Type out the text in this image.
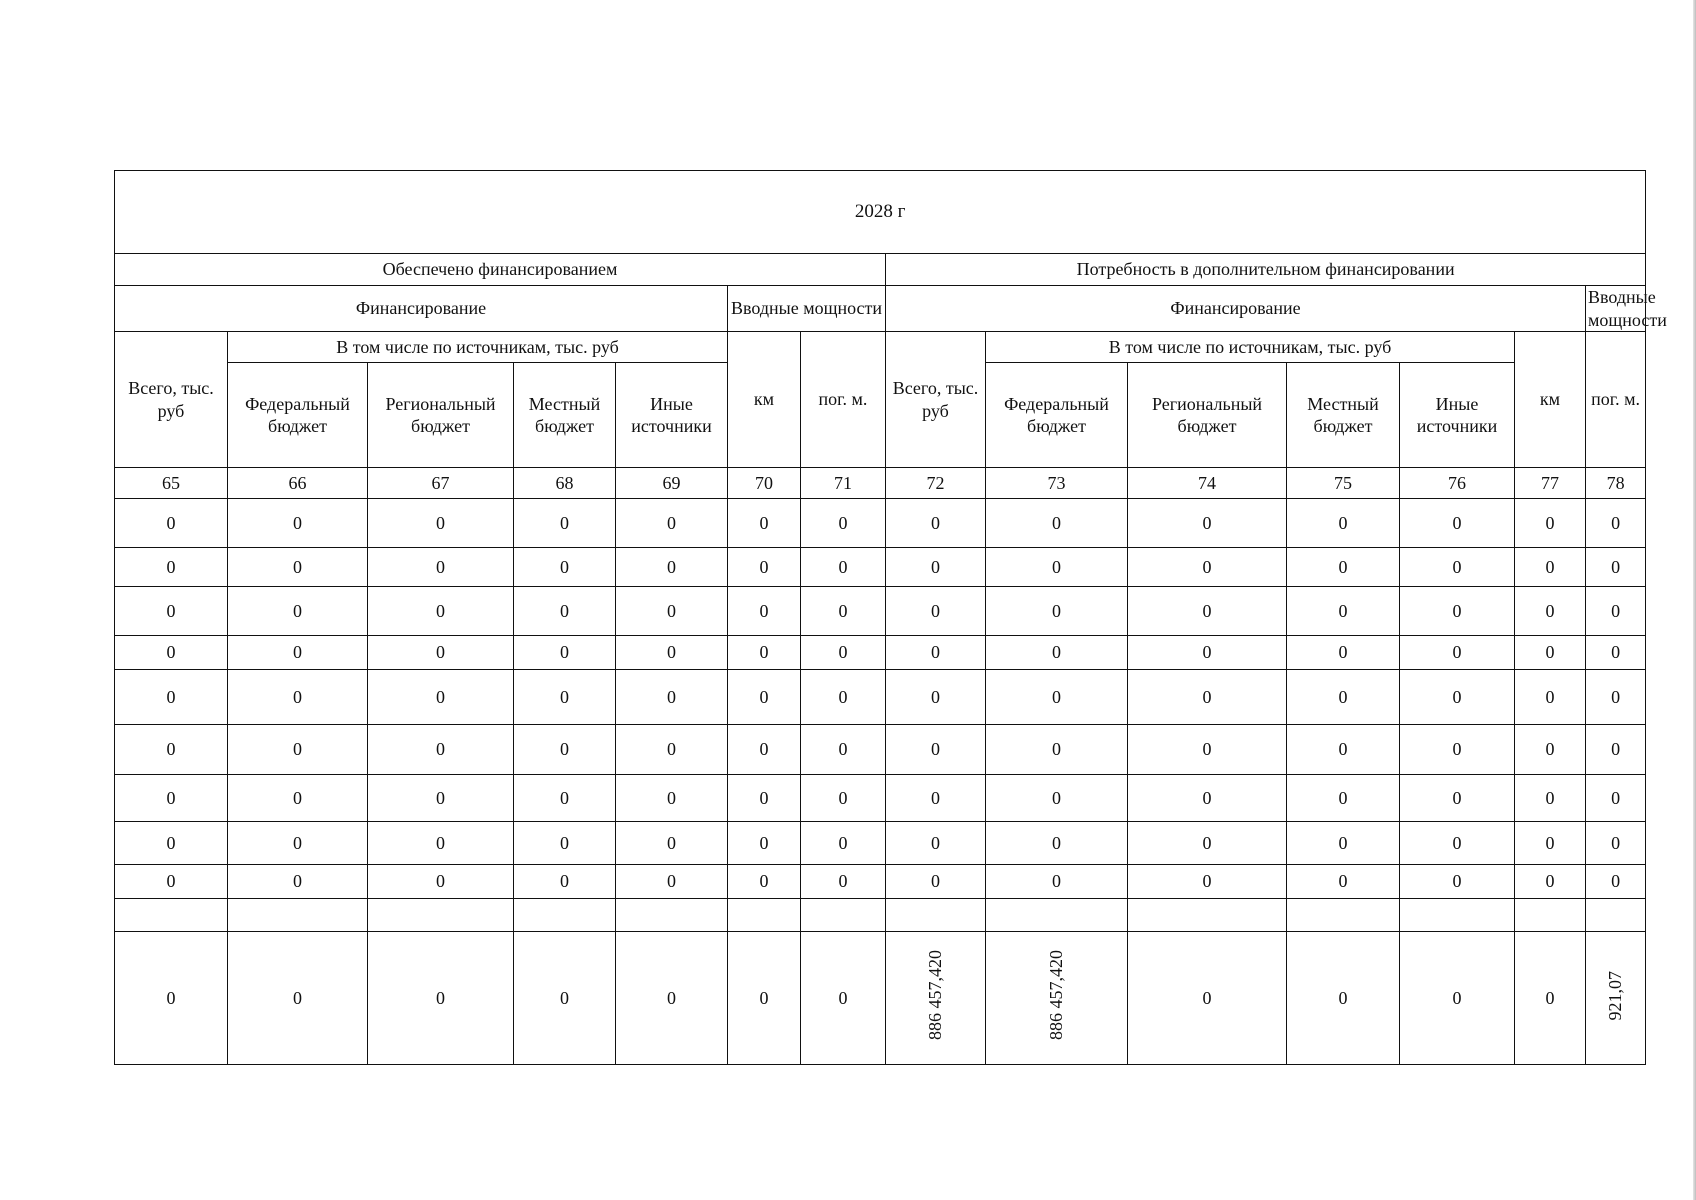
2028 г													
Обеспечено финансированием							Потребность в дополнительном финансировании						
Финансирование					Вводные мощности		Финансирование						Вводные мощности
Всего, тыс. руб	В том числе по источникам, тыс. руб				км	пог. м.	Всего, тыс. руб	В том числе по источникам, тыс. руб				км	пог. м.
	Федеральный бюджет	Региональный бюджет	Местный бюджет	Иные источники				Федеральный бюджет	Региональный бюджет	Местный бюджет	Иные источники		
65	66	67	68	69	70	71	72	73	74	75	76	77	78
0	0	0	0	0	0	0	0	0	0	0	0	0	0
0	0	0	0	0	0	0	0	0	0	0	0	0	0
0	0	0	0	0	0	0	0	0	0	0	0	0	0
0	0	0	0	0	0	0	0	0	0	0	0	0	0
0	0	0	0	0	0	0	0	0	0	0	0	0	0
0	0	0	0	0	0	0	0	0	0	0	0	0	0
0	0	0	0	0	0	0	0	0	0	0	0	0	0
0	0	0	0	0	0	0	0	0	0	0	0	0	0
0	0	0	0	0	0	0	0	0	0	0	0	0	0

0	0	0	0	0	0	0	886 457,420	886 457,420	0	0	0	0	921,07
